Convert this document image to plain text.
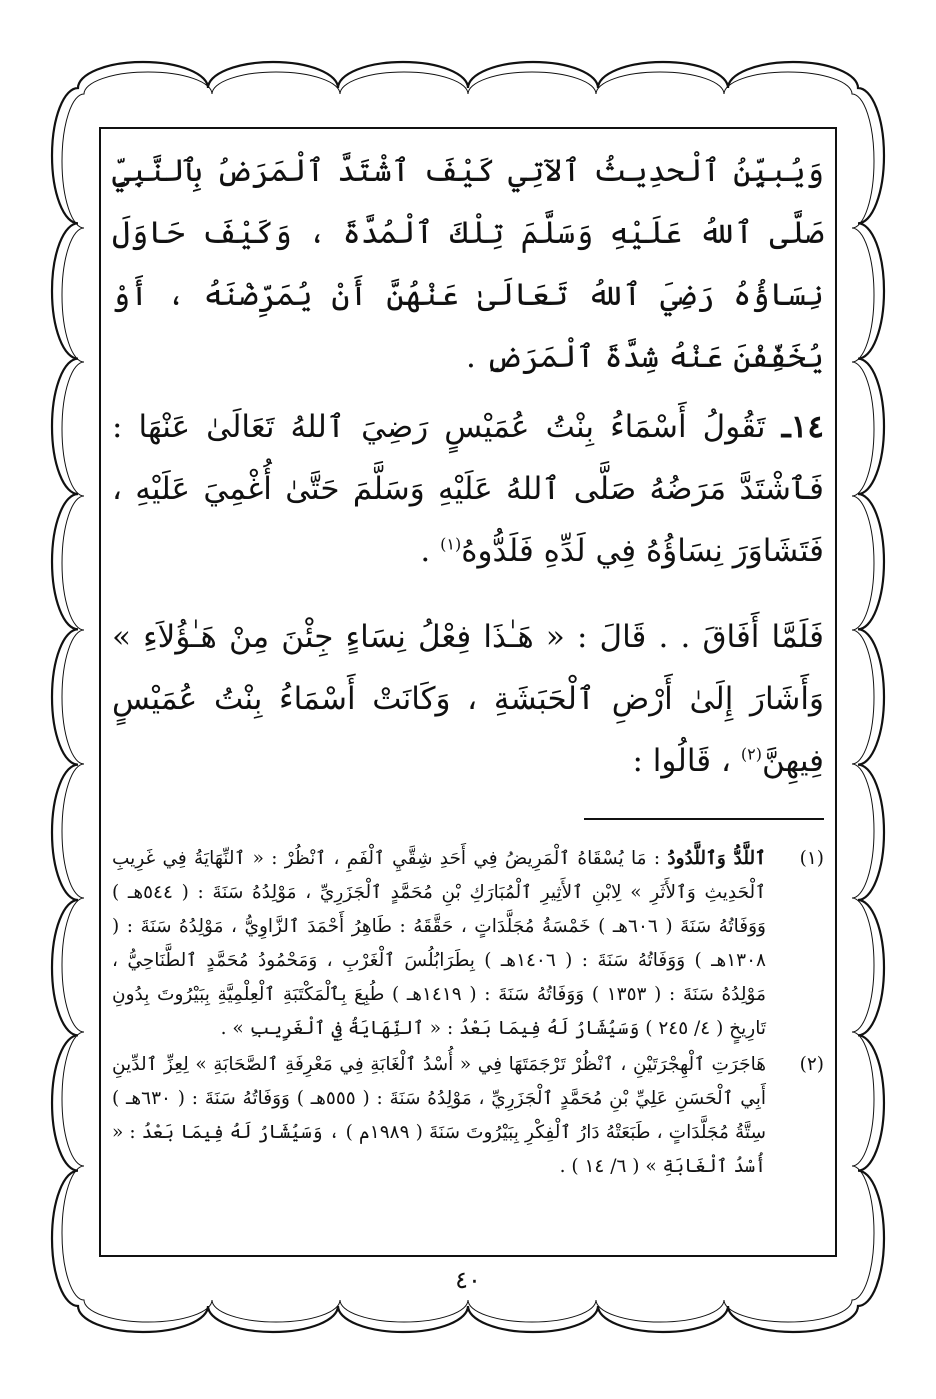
وَيُبيِّنُ ٱلْحدِيثُ ٱلآتِي كَيْفَ ٱشْتَدَّ ٱلْمَرَضُ بِٱلنَّبِيِّ صَلَّى ٱللهُ عَلَيْهِ وَسَلَّمَ تِلْكَ ٱلْمُدَّةَ ، وَكَيْفَ حَاوَلَ نِسَاؤُهُ رَضِيَ ٱللهُ تَعَالَىٰ عَنْهُنَّ أَنْ يُمَرِّضْنَهُ ، أَوْ يُخَفِّفْنَ عَنْهُ شِدَّةَ ٱلْمَرَضِ .

١٤ـ تَقُولُ أَسْمَاءُ بِنْتُ عُمَيْسٍ رَضِيَ ٱللهُ تَعَالَىٰ عَنْهَا : فَٱشْتَدَّ مَرَضُهُ صَلَّى ٱللهُ عَلَيْهِ وَسَلَّمَ حَتَّىٰ أُغْمِيَ عَلَيْهِ ، فَتَشَاوَرَ نِسَاؤُهُ فِي لَدِّهِ فَلَدُّوهُ$^{(١)}$ .

فَلَمَّا أَفَاقَ . . قَالَ : « هَـٰذَا فِعْلُ نِسَاءٍ جِئْنَ مِنْ هَـٰؤُلاَءِ » وَأَشَارَ إِلَىٰ أَرْضِ ٱلْحَبَشَةِ ، وَكَانَتْ أَسْمَاءُ بِنْتُ عُمَيْسٍ فِيهِنَّ$^{(٢)}$ ، قَالُوا :

(١)
ٱللَّدُّ وَٱللَّدُودُ : مَا يُسْقَاهُ ٱلْمَرِيضُ فِي أَحَدِ شِقَّيِ ٱلْفَمِ ، ٱنْظُرْ : « ٱلنِّهَايَةُ فِي غَرِيبِ ٱلْحَدِيثِ وَٱلأَثَرِ » لِابْنِ ٱلأَثِيرِ ٱلْمُبَارَكِ بْنِ مُحَمَّدٍ ٱلْجَزَرِيِّ ، مَوْلِدُهُ سَنَةَ : ( ٥٤٤هـ ) وَوَفَاتُهُ سَنَةَ ( ٦٠٦هـ ) خَمْسَةُ مُجَلَّدَاتٍ ، حَقَّقَهُ : طَاهِرُ أَحْمَدَ ٱلزَّاوِيُّ ، مَوْلِدُهُ سَنَةَ : ( ١٣٠٨هـ ) وَوَفَاتُهُ سَنَةَ : ( ١٤٠٦هـ ) بِطَرَابُلُسَ ٱلْغَرْبِ ، وَمَحْمُودُ مُحَمَّدٍ ٱلطَّنَاحِيُّ ، مَوْلِدُهُ سَنَةَ : ( ١٣٥٣ ) وَوَفَاتُهُ سَنَةَ : ( ١٤١٩هـ ) طُبِعَ بِٱلْمَكْتَبَةِ ٱلْعِلْمِيَّةِ بِبَيْرُوتَ بِدُونِ تَارِيخٍ ( ٤/ ٢٤٥ ) وَسَيُشَارُ لَهُ فِيمَا بَعْدُ : « ٱلنِّهَايَةُ فِي ٱلْغَرِيبِ » .
(٢)
هَاجَرَتِ ٱلْهِجْرَتَيْنِ ، ٱنْظُرْ تَرْجَمَتَهَا فِي « أُسْدُ ٱلْغَابَةِ فِي مَعْرِفَةِ ٱلصَّحَابَةِ » لِعِزِّ ٱلدِّينِ أَبِي ٱلْحَسَنِ عَلِيِّ بْنِ مُحَمَّدٍ ٱلْجَزَرِيِّ ، مَوْلِدُهُ سَنَةَ : ( ٥٥٥هـ ) وَوَفَاتُهُ سَنَةَ : ( ٦٣٠هـ ) سِتَّةُ مُجَلَّدَاتٍ ، طَبَعَتْهُ دَارُ ٱلْفِكْرِ بِبَيْرُوتَ سَنَةَ ( ١٩٨٩م ) ، وَسَيُشَارُ لَهُ فِيمَا بَعْدُ : « أُسْدُ ٱلْغَابَةِ » ( ٦/ ١٤ ) .
٤٠
